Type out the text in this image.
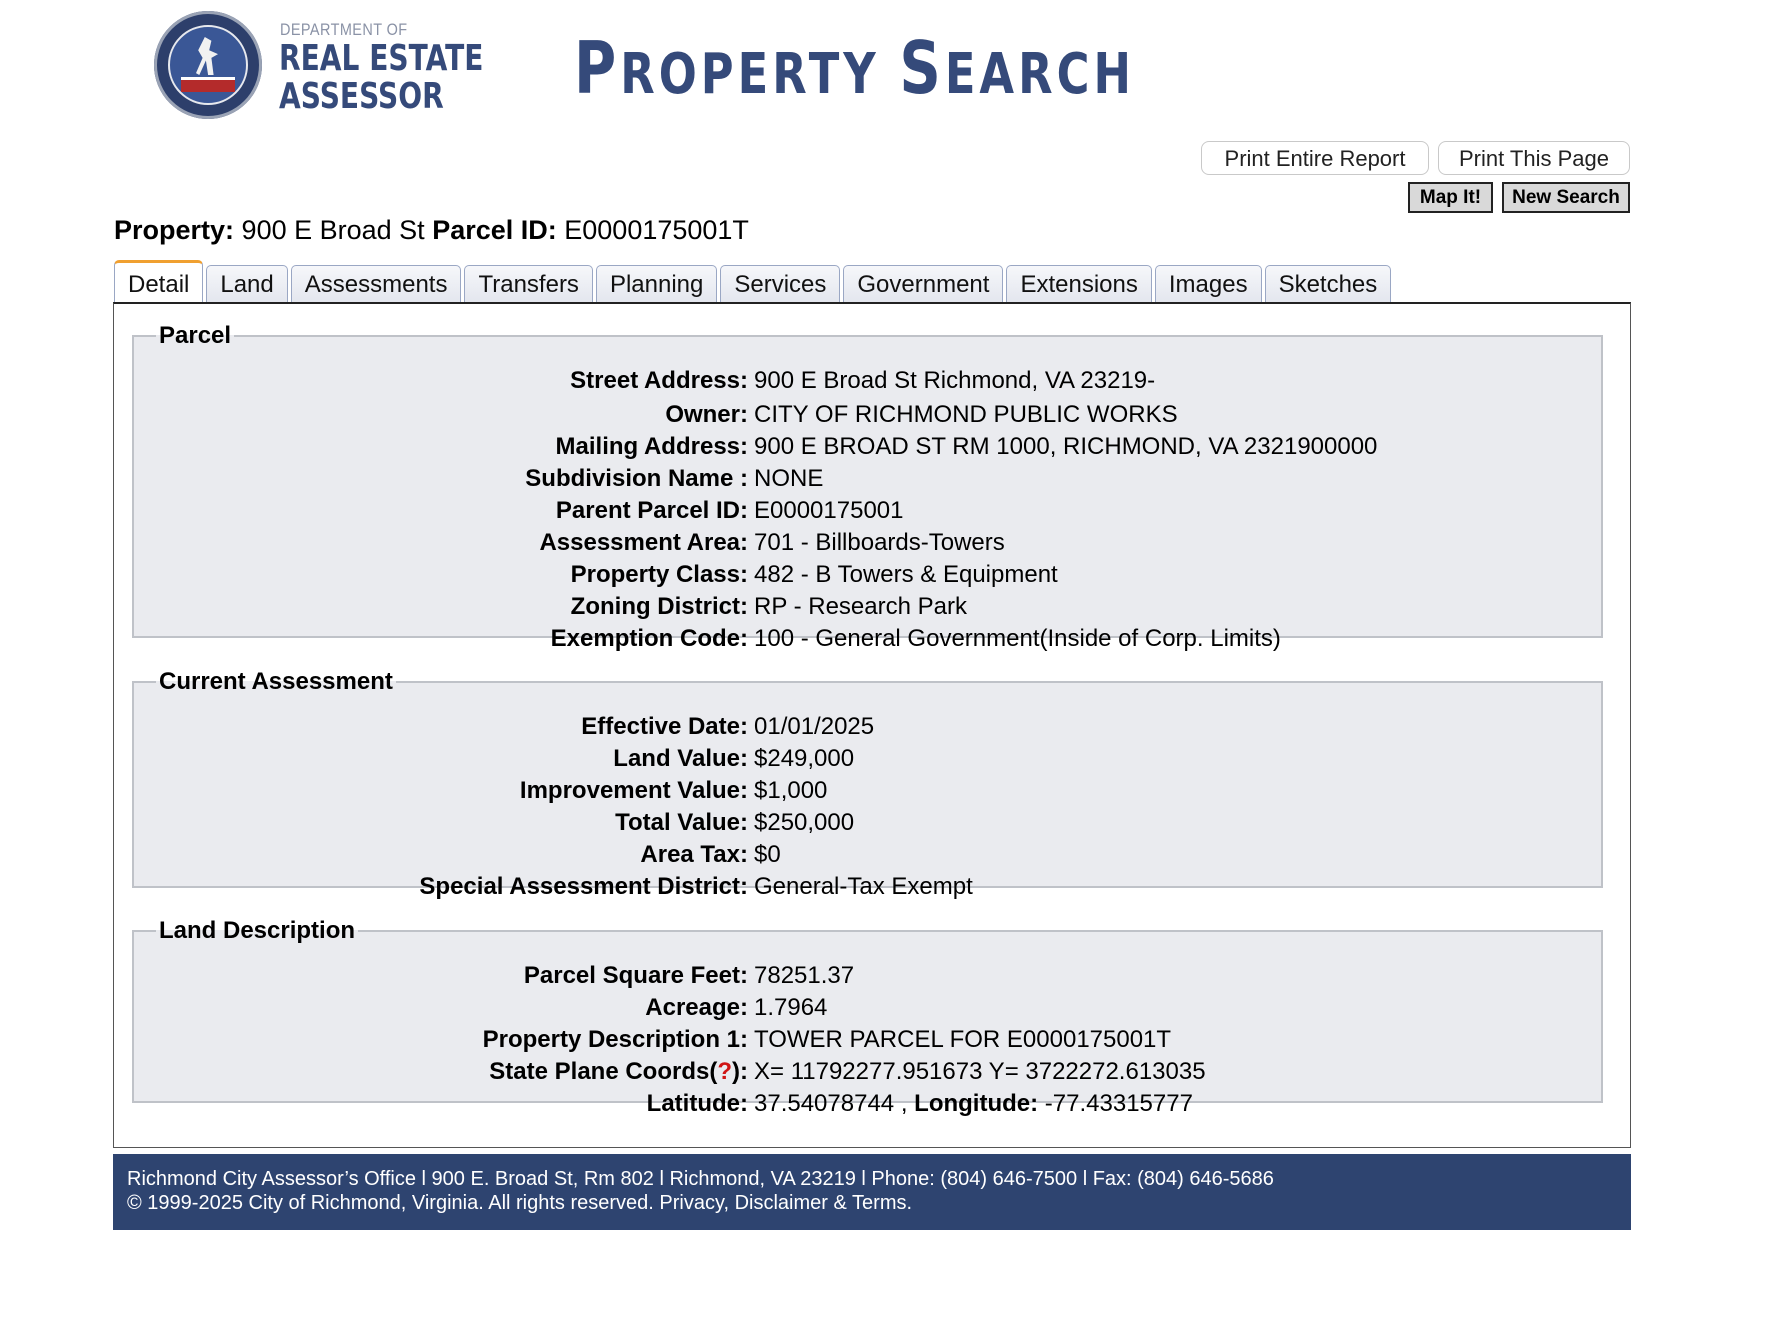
DEPARTMENT OF
REAL ESTATE
ASSESSOR PROPERTY SEARCH
Print Entire Report	Print This Page
Map It!	New Search
Property: 900 E Broad St Parcel ID: E0000175001T
Detail	Land	Assessments	Transfers	Planning	Services	Government	Extensions	Images	Sketches
Parcel
Street Address: 900 E Broad St Richmond, VA 23219-
Owner: CITY OF RICHMOND PUBLIC WORKS
Mailing Address: 900 E BROAD ST RM 1000, RICHMOND, VA 2321900000
Subdivision Name : NONE
Parent Parcel ID: E0000175001
Assessment Area: 701 - Billboards-Towers
Property Class: 482 - B Towers & Equipment
Zoning District: RP - Research Park
Exemption Code: 100 - General Government(Inside of Corp. Limits)
Current Assessment
Effective Date: 01/01/2025
Land Value: $249,000
Improvement Value: $1,000
Total Value: $250,000
Area Tax: $0
Special Assessment District: General-Tax Exempt
Land Description
Parcel Square Feet: 78251.37
Acreage: 1.7964
Property Description 1: TOWER PARCEL FOR E0000175001T
State Plane Coords(?): X= 11792277.951673 Y= 3722272.613035
Latitude: 37.54078744 , Longitude: -77.43315777
Richmond City Assessor’s Office l 900 E. Broad St, Rm 802 l Richmond, VA 23219 l Phone: (804) 646-7500 l Fax: (804) 646-5686
© 1999-2025 City of Richmond, Virginia. All rights reserved. Privacy, Disclaimer & Terms.
